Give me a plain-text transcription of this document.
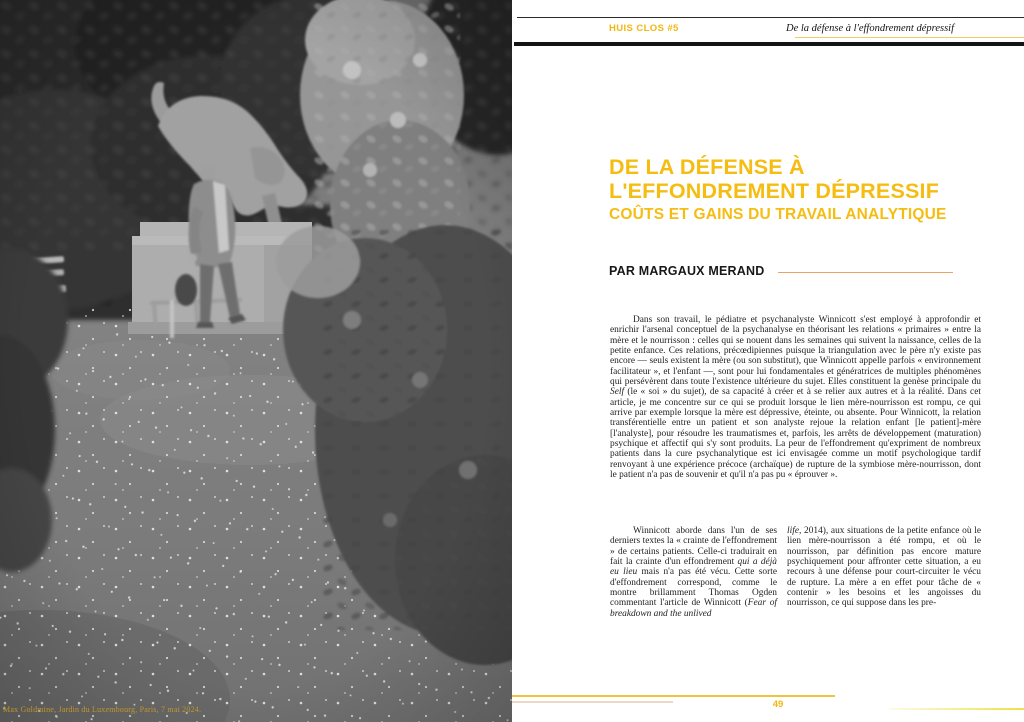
Max Goldmine, Jardin du Luxembourg, Paris, 7 mai 2024.
HUIS CLOS #5	De la défense à l'effondrement dépressif
DE LA DÉFENSE À
L'EFFONDREMENT DÉPRESSIF
COÛTS ET GAINS DU TRAVAIL ANALYTIQUE
PAR MARGAUX MERAND

Dans son travail, le pédiatre et psychanalyste Winnicott s'est employé à approfondir et enrichir l'arsenal conceptuel de la psychanalyse en théorisant les relations « primaires » entre la mère et le nourrisson : celles qui se nouent dans les semaines qui suivent la naissance, celles de la petite enfance. Ces relations, précœdipiennes puisque la triangulation avec le père n'y existe pas encore — seuls existent la mère (ou son substitut), que Winnicott appelle parfois « environnement facilitateur », et l'enfant —, sont pour lui fondamentales et génératrices de multiples phénomènes qui persévèrent dans toute l'existence ultérieure du sujet. Elles constituent la genèse principale du Self (le « soi » du sujet), de sa capacité à créer et à se relier aux autres et à la réalité. Dans cet article, je me concentre sur ce qui se produit lorsque le lien mère-nourrisson est rompu, ce qui arrive par exemple lorsque la mère est dépressive, éteinte, ou absente. Pour Winnicott, la relation transférentielle entre un patient et son analyste rejoue la relation enfant [le patient]-mère [l'analyste], pour résoudre les traumatismes et, parfois, les arrêts de développement (maturation) psychique et affectif qui s'y sont produits. La peur de l'effondrement qu'expriment de nombreux patients dans la cure psychanalytique est ici envisagée comme un motif psychologique tardif renvoyant à une expérience précoce (archaïque) de rupture de la symbiose mère-nourrisson, dont le patient n'a pas de souvenir et qu'il n'a pas pu « éprouver ».

Winnicott aborde dans l'un de ses derniers textes la « crainte de l'effondrement » de certains patients. Celle-ci traduirait en fait la crainte d'un effondrement qui a déjà eu lieu mais n'a pas été vécu. Cette sorte d'effondrement correspond, comme le montre brillamment Thomas Ogden commentant l'article de Winnicott (Fear of breakdown and the unlived

life, 2014), aux situations de la petite enfance où le lien mère-nourrisson a été rompu, et où le nourrisson, par définition pas encore mature psychiquement pour affronter cette situation, a eu recours à une défense pour court-circuiter le vécu de rupture. La mère a en effet pour tâche de « contenir » les besoins et les angoisses du nourrisson, ce qui suppose dans les pre-

49
